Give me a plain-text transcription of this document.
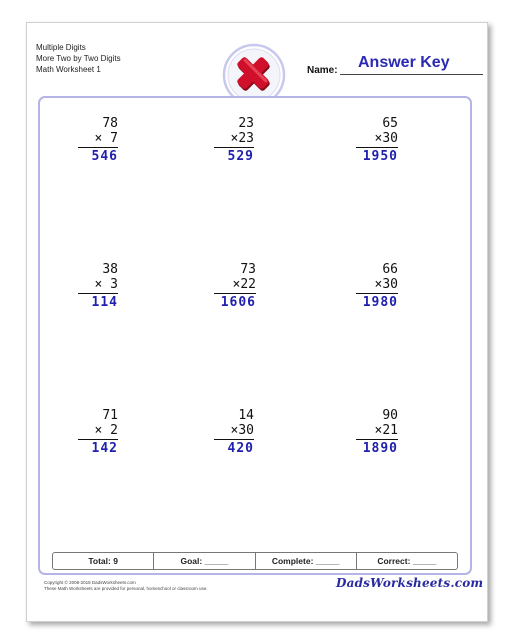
Multiple Digits
More Two by Two Digits
Math Worksheet 1	Name: Answer Key
78
× 7
546
23
×23
529
65
×30
1950
38
× 3
114
73
×22
1606
66
×30
1980
71
× 2
142
14
×30
420
90
×21
1890
Total: 9	Goal: _____	Complete: _____	Correct: _____
Copyright © 2008-2018 DadsWorksheets.com
These Math Worksheets are provided for personal, homeschool or classroom use.	DadsWorksheets.com
